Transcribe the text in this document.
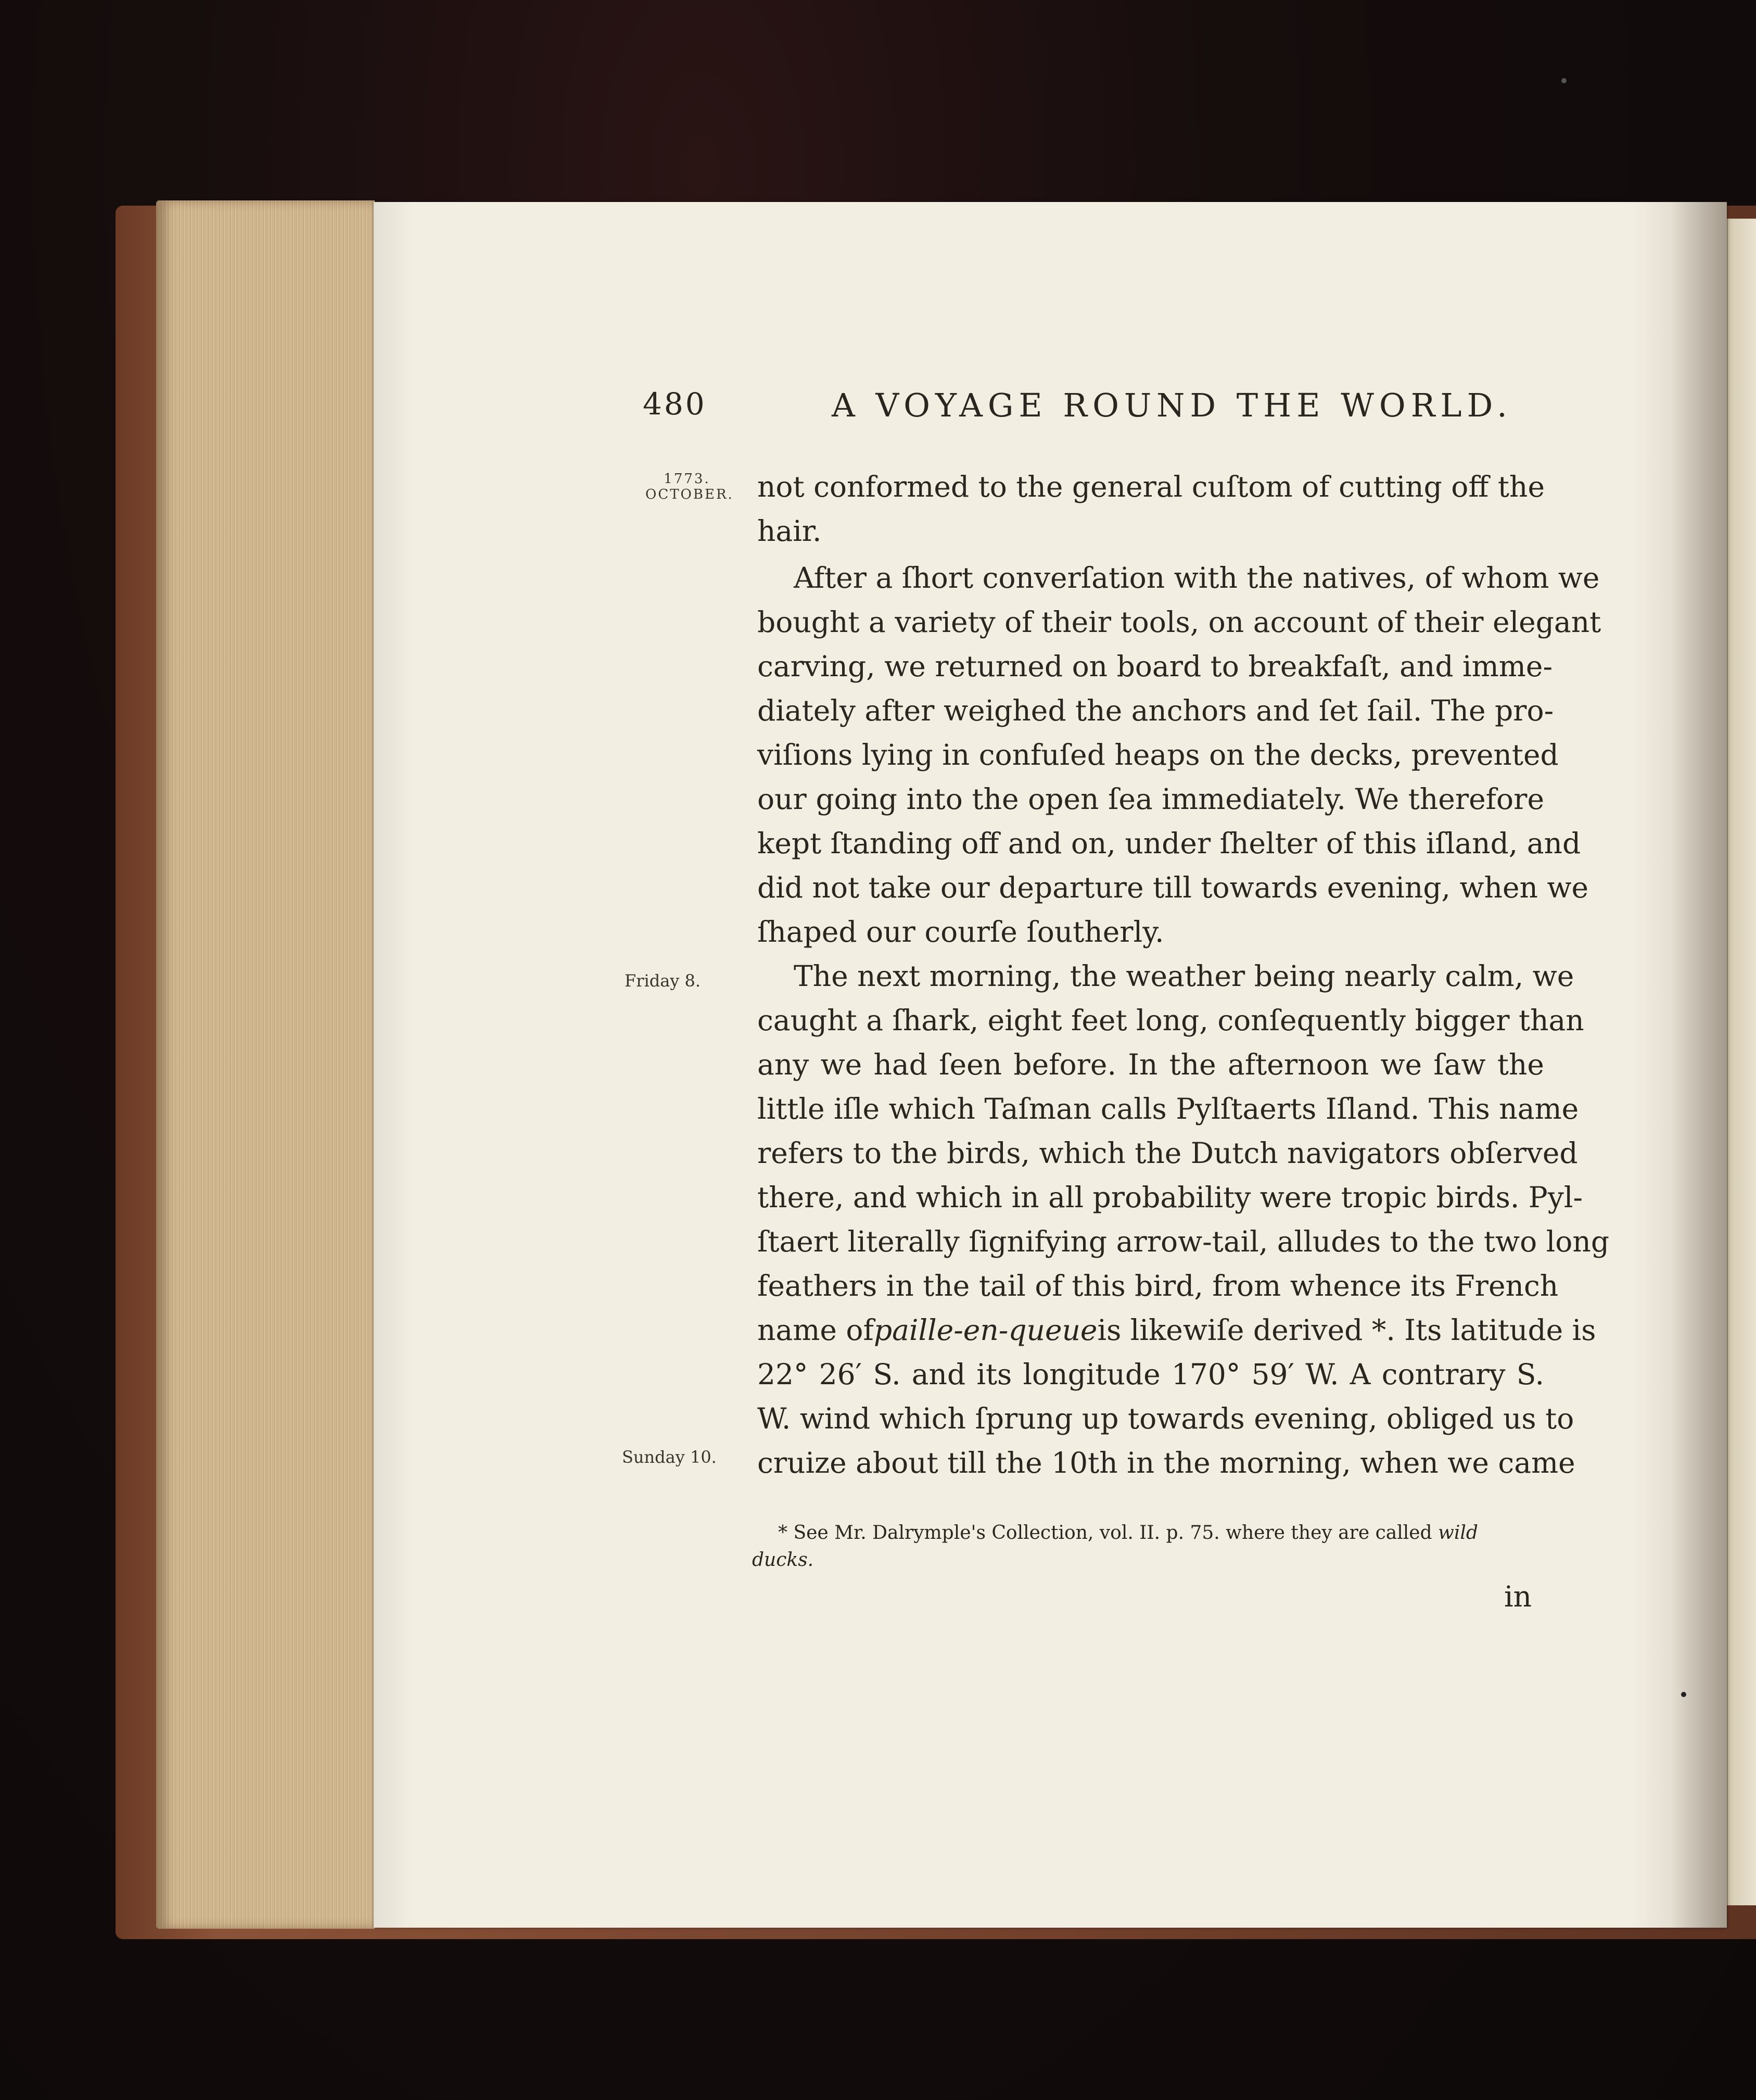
480	A VOYAGE ROUND THE WORLD.
1773.
OCTOBER.
Friday 8.
Sunday 10.
not conformed to the general cuſtom of cutting off the
hair.
After a ſhort converſation with the natives, of whom we
bought a variety of their tools, on account of their elegant
carving, we returned on board to breakfaſt, and imme-
diately after weighed the anchors and ſet ſail. The pro-
viſions lying in confuſed heaps on the decks, prevented
our going into the open ſea immediately. We therefore
kept ſtanding off and on, under ſhelter of this iſland, and
did not take our departure till towards evening, when we
ſhaped our courſe ſoutherly.
The next morning, the weather being nearly calm, we
caught a ſhark, eight feet long, conſequently bigger than
any we had ſeen before. In the afternoon we ſaw the
little iſle which Taſman calls Pylſtaerts Iſland. This name
refers to the birds, which the Dutch navigators obſerved
there, and which in all probability were tropic birds. Pyl-
ſtaert literally ſignifying arrow-tail, alludes to the two long
feathers in the tail of this bird, from whence its French
name of paille-en-queue is likewiſe derived *. Its latitude is
22° 26′ S. and its longitude 170° 59′ W. A contrary S.
W. wind which ſprung up towards evening, obliged us to
cruize about till the 10th in the morning, when we came
* See Mr. Dalrymple's Collection, vol. II. p. 75. where they are called wild
ducks.
in
